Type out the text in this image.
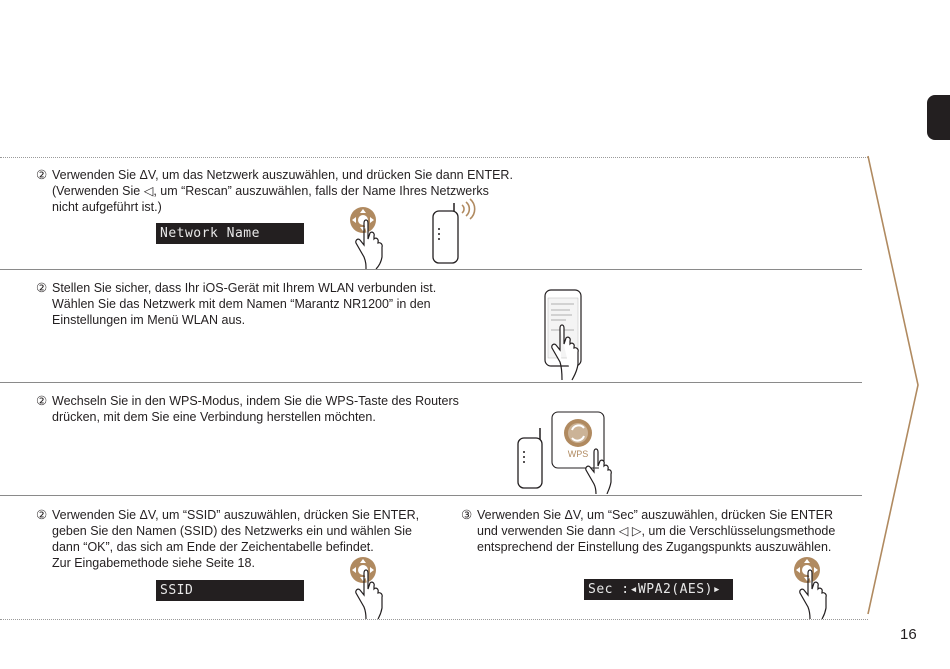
② Verwenden Sie ΔV, um das Netzwerk auszuwählen, und drücken Sie dann ENTER.
(Verwenden Sie ◁, um “Rescan” auszuwählen, falls der Name Ihres Netzwerks
nicht aufgeführt ist.)
Network Name
② Stellen Sie sicher, dass Ihr iOS-Gerät mit Ihrem WLAN verbunden ist.
Wählen Sie das Netzwerk mit dem Namen “Marantz NR1200” in den
Einstellungen im Menü WLAN aus.
② Wechseln Sie in den WPS-Modus, indem Sie die WPS-Taste des Routers
drücken, mit dem Sie eine Verbindung herstellen möchten.
WPS
② Verwenden Sie ΔV, um “SSID” auszuwählen, drücken Sie ENTER,
geben Sie den Namen (SSID) des Netzwerks ein und wählen Sie
dann “OK”, das sich am Ende der Zeichentabelle befindet.
Zur Eingabemethode siehe Seite 18.
SSID
③ Verwenden Sie ΔV, um “Sec” auszuwählen, drücken Sie ENTER
und verwenden Sie dann ◁ ▷, um die Verschlüsselungsmethode
entsprechend der Einstellung des Zugangspunkts auszuwählen.
Sec :◂WPA2(AES)▸
16
